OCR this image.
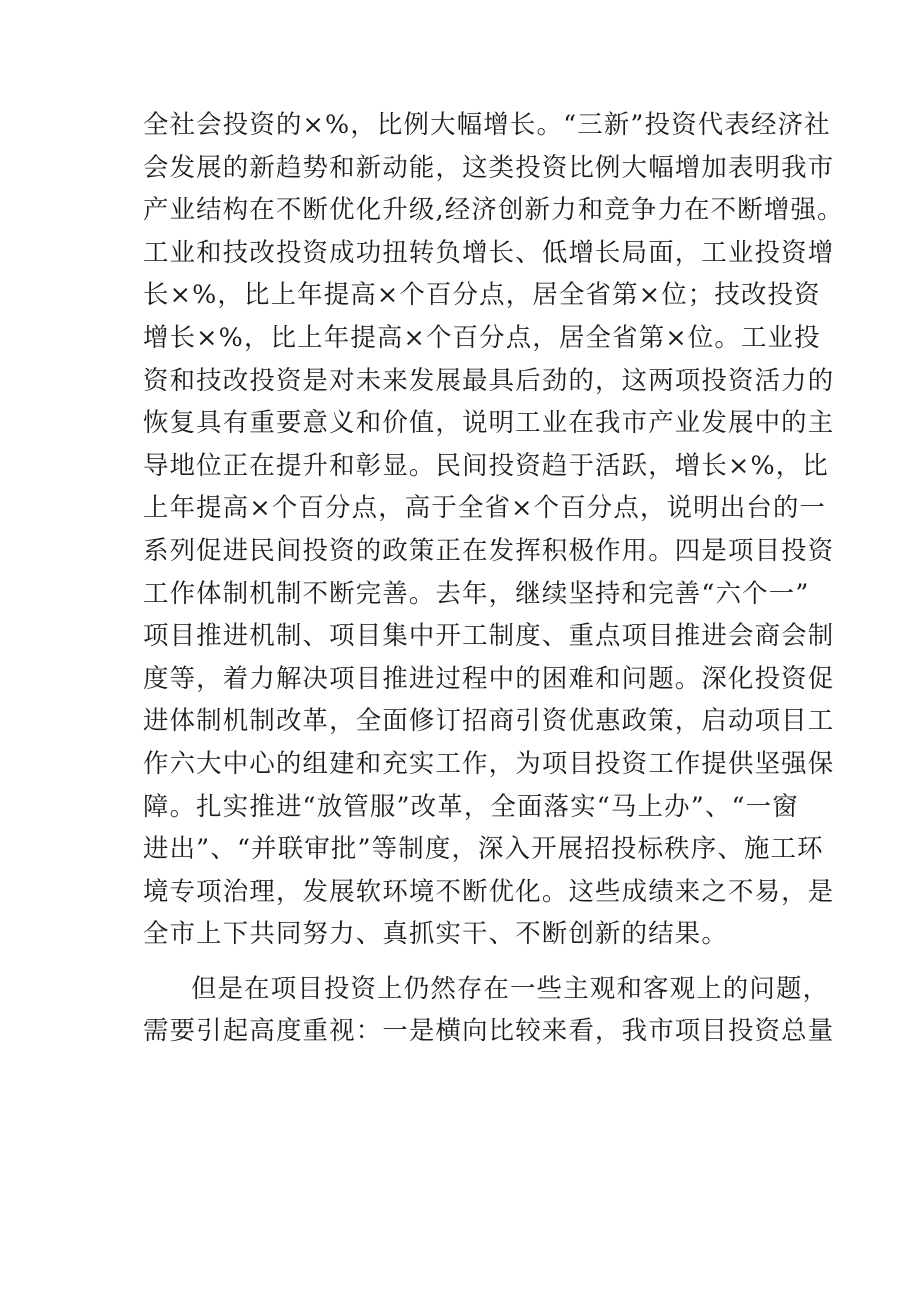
全社会投资的×%，比例大幅增长。“三新”投资代表经济社
会发展的新趋势和新动能，这类投资比例大幅增加表明我市
产业结构在不断优化升级,经济创新力和竞争力在不断增强。
工业和技改投资成功扭转负增长、低增长局面，工业投资增
长×%，比上年提高×个百分点，居全省第×位；技改投资
增长×%，比上年提高×个百分点，居全省第×位。工业投
资和技改投资是对未来发展最具后劲的，这两项投资活力的
恢复具有重要意义和价值，说明工业在我市产业发展中的主
导地位正在提升和彰显。民间投资趋于活跃，增长×%，比
上年提高×个百分点，高于全省×个百分点，说明出台的一
系列促进民间投资的政策正在发挥积极作用。四是项目投资
工作体制机制不断完善。去年，继续坚持和完善“六个一”
项目推进机制、项目集中开工制度、重点项目推进会商会制
度等，着力解决项目推进过程中的困难和问题。深化投资促
进体制机制改革，全面修订招商引资优惠政策，启动项目工
作六大中心的组建和充实工作，为项目投资工作提供坚强保
障。扎实推进“放管服”改革，全面落实“马上办”、“一窗
进出”、“并联审批”等制度，深入开展招投标秩序、施工环
境专项治理，发展软环境不断优化。这些成绩来之不易，是
全市上下共同努力、真抓实干、不断创新的结果。
但是在项目投资上仍然存在一些主观和客观上的问题，
需要引起高度重视：一是横向比较来看，我市项目投资总量
